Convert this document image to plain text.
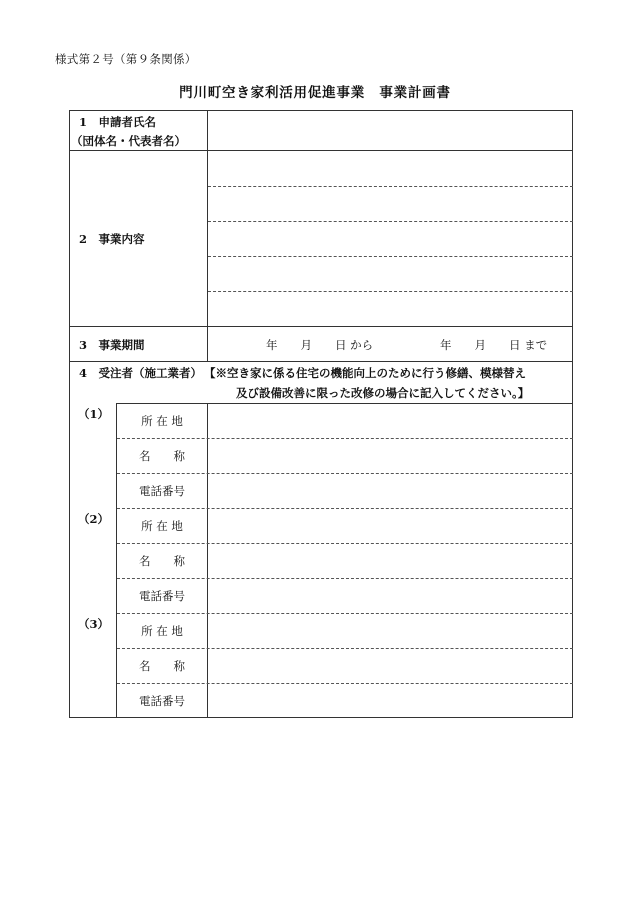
様式第２号（第９条関係）
門川町空き家利活用促進事業　事業計画書
1　申請者氏名
（団体名・代表者名）
2　事業内容
3　事業期間	年　　月　　日 から	年　　月　　日 まで
4　受注者（施工業者） 【※空き家に係る住宅の機能向上のために行う修繕、模様替え
及び設備改善に限った改修の場合に記入してください。】
（1）	所 在 地
名　　称
電話番号
（2）	所 在 地
名　　称
電話番号
（3）	所 在 地
名　　称
電話番号
